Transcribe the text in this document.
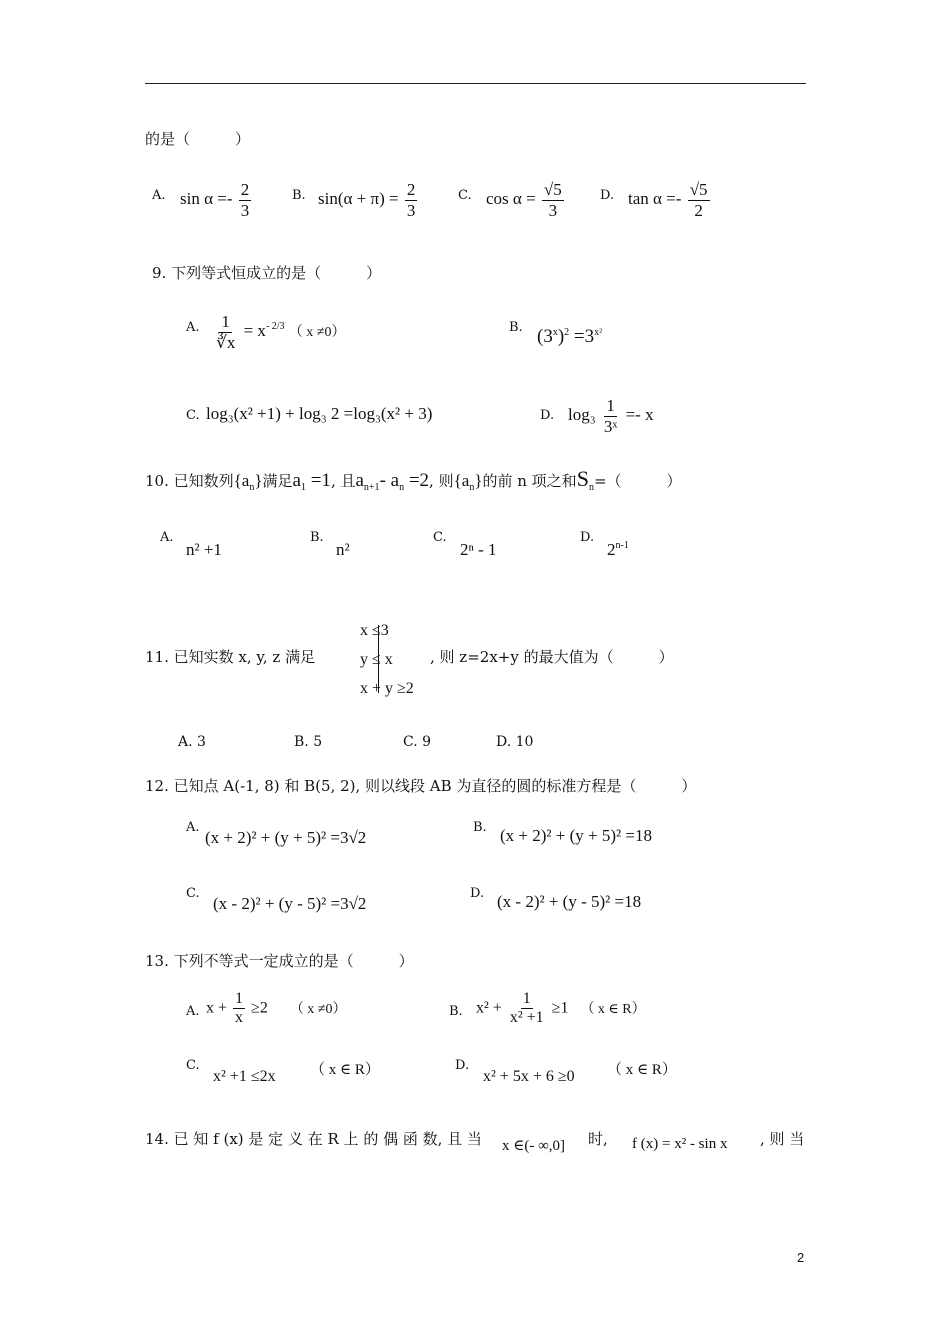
的是（　　　）
A. $\sin \alpha =- \frac{2}{3}$	B. $\sin(\alpha + \pi) = \frac{2}{3}$	C. $\cos \alpha = \frac{√5}{3}$	D. $\tan \alpha =- \frac{√5}{2}$
9. 下列等式恒成立的是（　　　）
A. $\frac{1}{∛x} = x^{- 2/3}$ （ x ≠0）	B. $(3^x)^2 =3^{x^2}$
C. log₃(x² +1) + log₃ 2 =log₃(x² + 3)	D. $\log_3 \frac{1}{\text{3ˣ}} =- x$
10. 已知数列$\{a_n\}$满足$a_1 =1$, 且$a_{n+1}-$ $a_n =2$, 则$\{a_n\}$的前 n 项之和$S_n=$（　　　）
A.
n² +1
B.
n²
C.
2ⁿ - 1
D.
2$^{n-1}$
11. 已知实数 x, y, z 满足
x ≤3
y ≤ x
x + y ≥2
, 则 z=2x+y 的最大值为（　　　）
A. 3	B. 5	C. 9	D. 10
12. 已知点 A(-1, 8) 和 B(5, 2), 则以线段 AB 为直径的圆的标准方程是（　　　）
A.
(x + 2)² + (y + 5)² =3√2
B. (x + 2)² + (y + 5)² =18
C.
(x - 2)² + (y - 5)² =3√2
D. (x - 2)² + (y - 5)² =18
13. 下列不等式一定成立的是（　　　）
A. $x + \frac{1}{x} \ge 2$ （ x ≠0）	B. $x^2 + \frac{1}{\text{x² +1}} \ge 1$ （ x ∈ R）
C.
x² +1 ≤2x （ x ∈ R）	D.
x² + 5x + 6 ≥0 （ x ∈ R）
14. 已 知 f (x) 是 定 义 在 R 上 的 偶 函 数, 且 当 x ∈(- ∞,0] 时, f (x) = x² - sin x , 则 当
2
